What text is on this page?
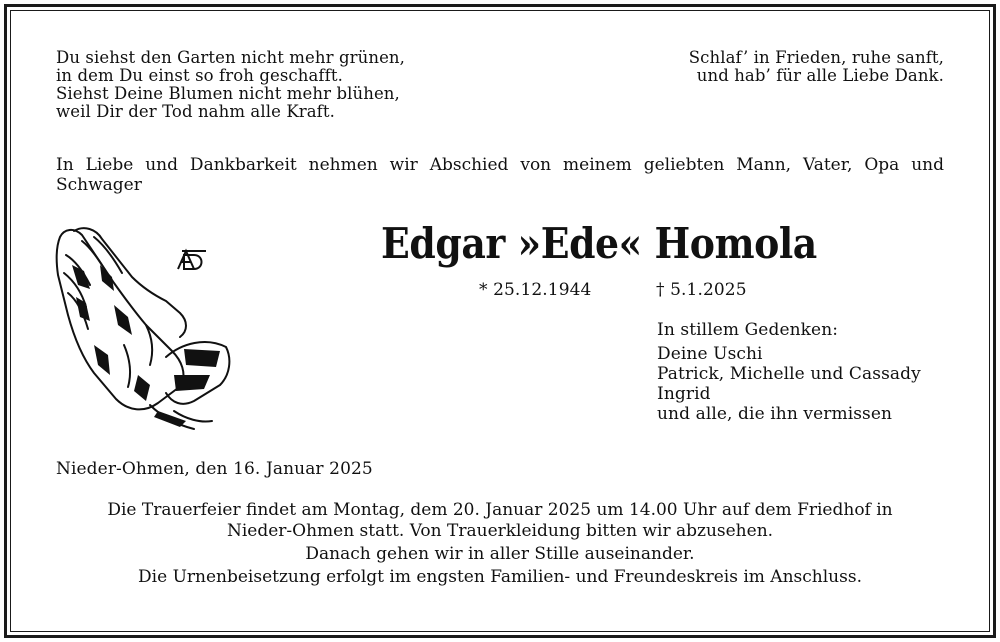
Du siehst den Garten nicht mehr grünen,
in dem Du einst so froh geschafft.
Siehst Deine Blumen nicht mehr blühen,
weil Dir der Tod nahm alle Kraft.
Schlaf’ in Frieden, ruhe sanft,
und hab’ für alle Liebe Dank.
In Liebe und Dankbarkeit nehmen wir Abschied von meinem geliebten Mann, Vater, Opa und Schwager
Edgar »Ede« Homola
* 25.12.1944	† 5.1.2025
In stillem Gedenken:
Deine Uschi
Patrick, Michelle und Cassady
Ingrid
und alle, die ihn vermissen
Nieder-Ohmen, den 16. Januar 2025

Die Trauerfeier findet am Montag, dem 20. Januar 2025 um 14.00 Uhr auf dem Friedhof in

Nieder-Ohmen statt. Von Trauerkleidung bitten wir abzusehen.

Danach gehen wir in aller Stille auseinander.

Die Urnenbeisetzung erfolgt im engsten Familien- und Freundeskreis im Anschluss.
